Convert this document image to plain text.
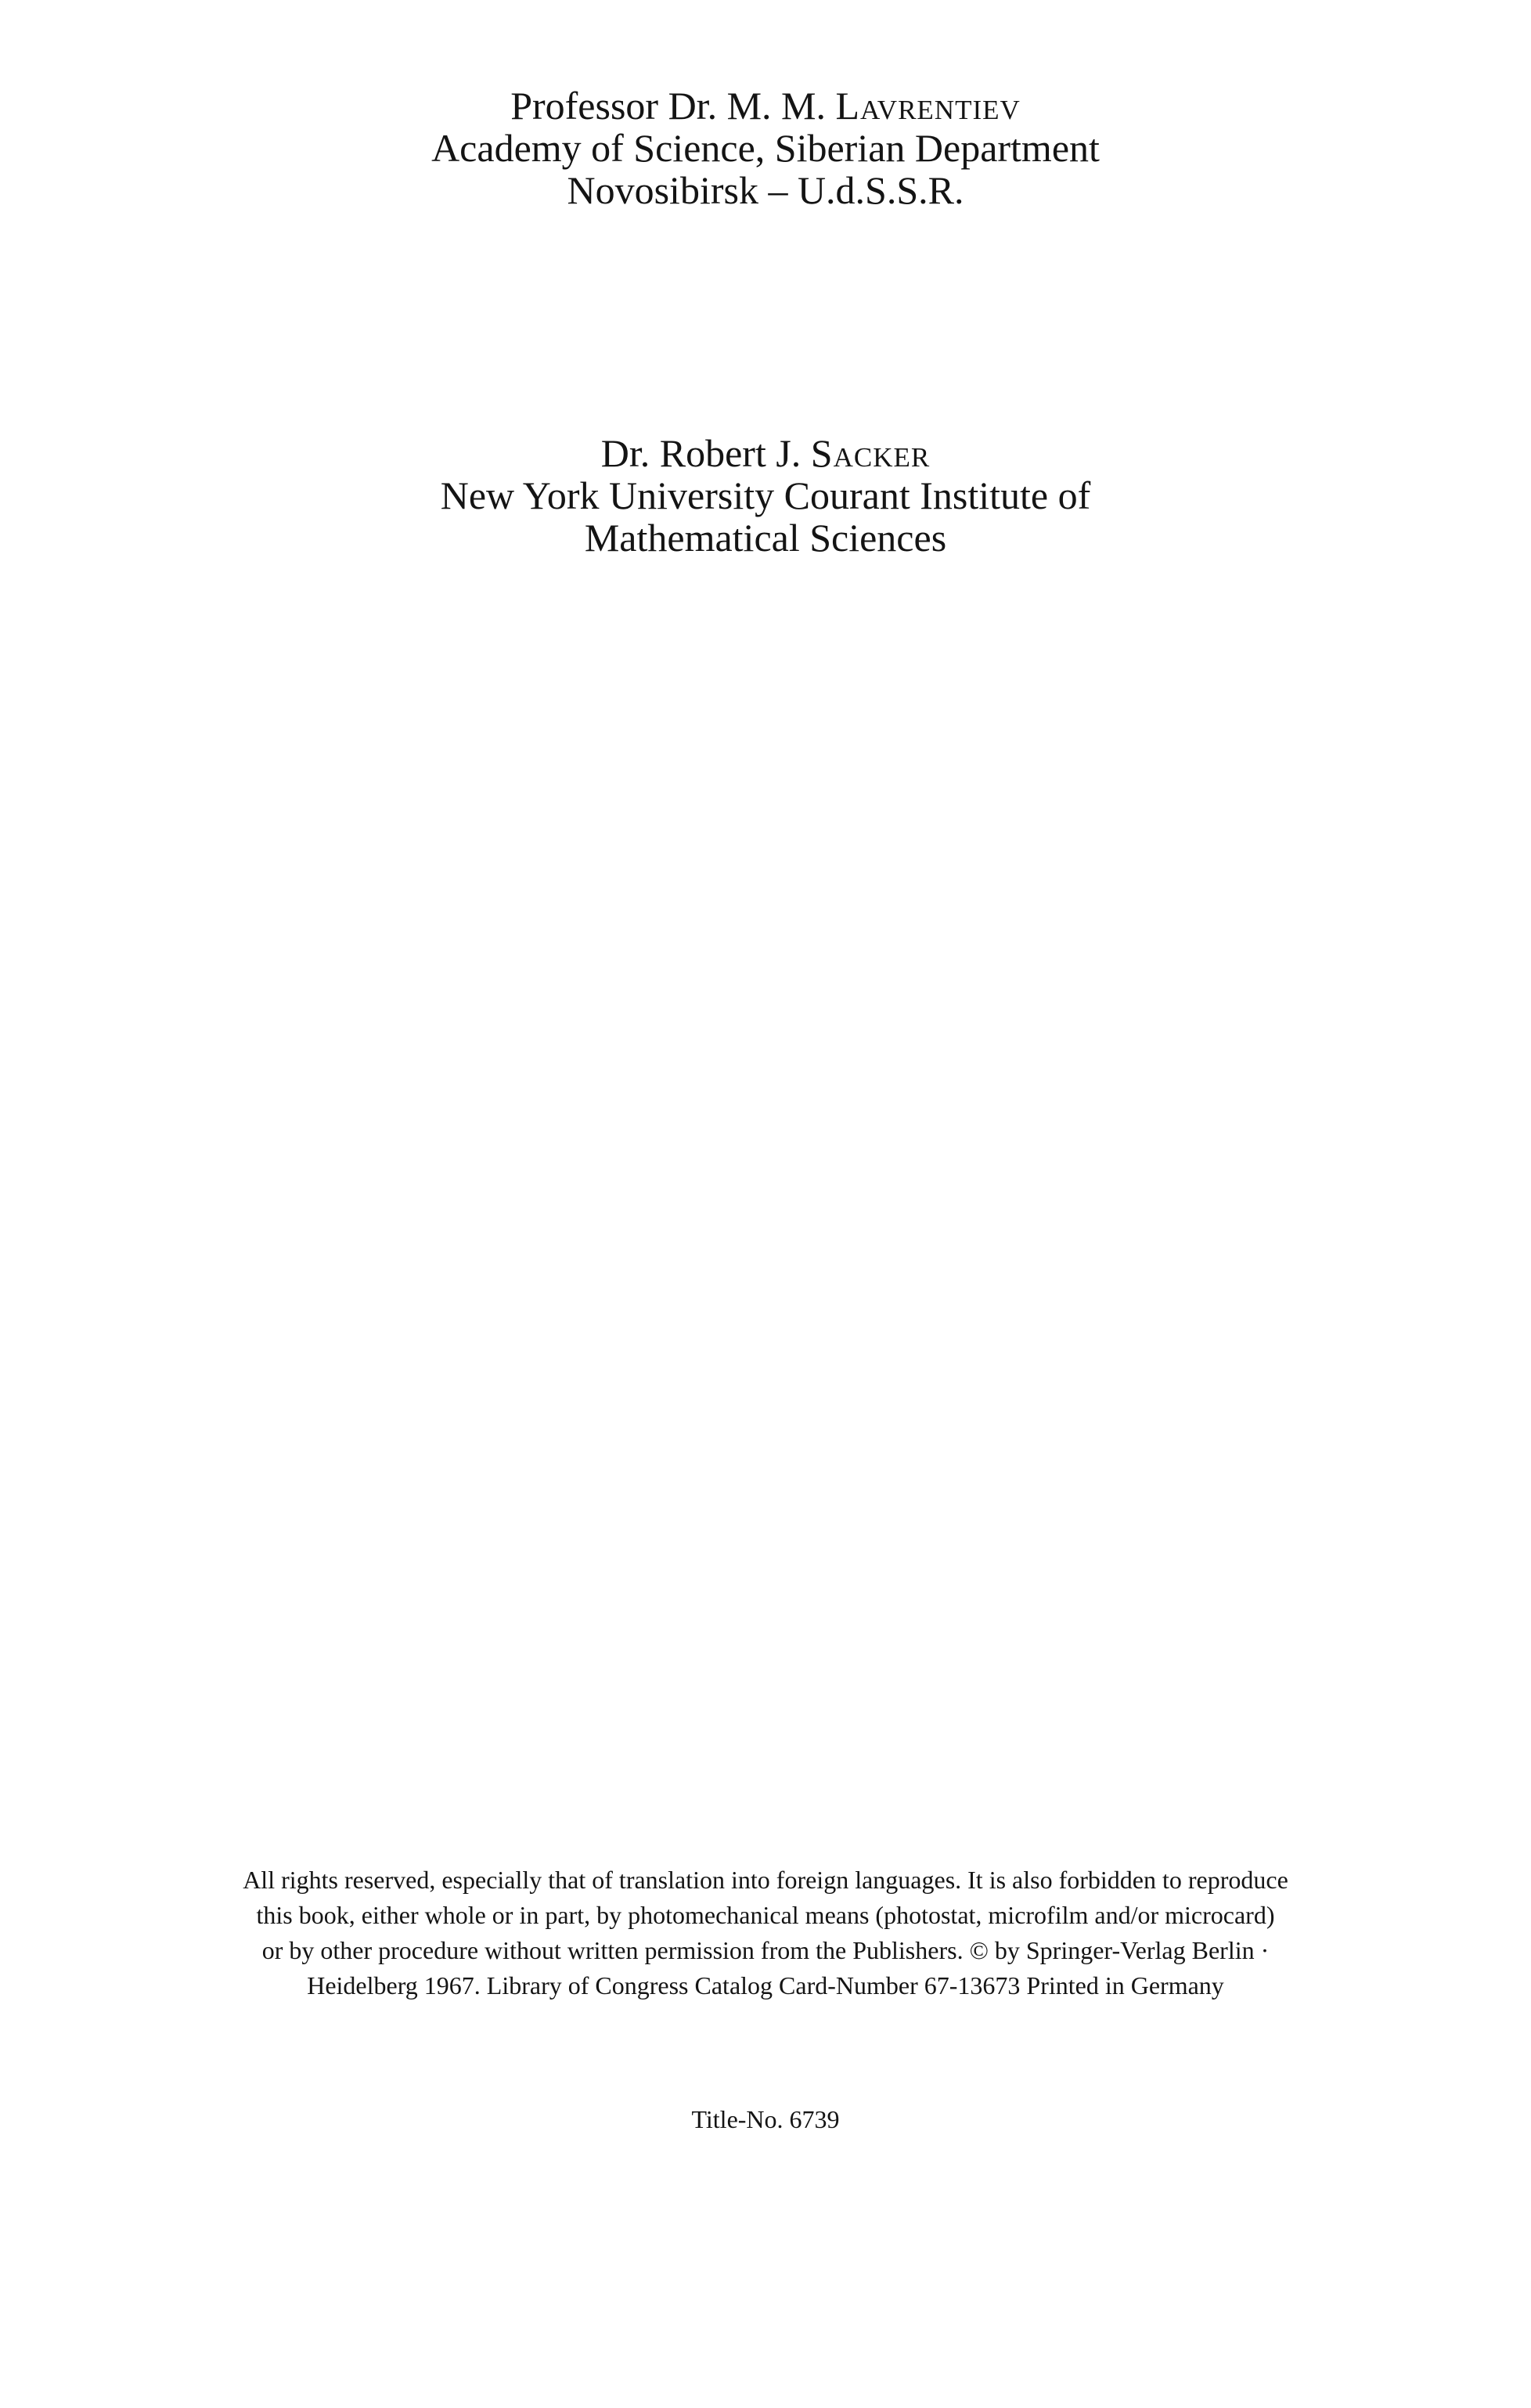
Professor Dr. M. M. Lavrentiev
Academy of Science, Siberian Department
Novosibirsk – U.d.S.S.R.
Dr. Robert J. Sacker
New York University Courant Institute of
Mathematical Sciences
All rights reserved, especially that of translation into foreign languages. It is also forbidden to reproduce
this book, either whole or in part, by photomechanical means (photostat, microfilm and/or microcard)
or by other procedure without written permission from the Publishers. © by Springer-Verlag Berlin ·
Heidelberg 1967. Library of Congress Catalog Card-Number 67-13673 Printed in Germany
Title-No. 6739
